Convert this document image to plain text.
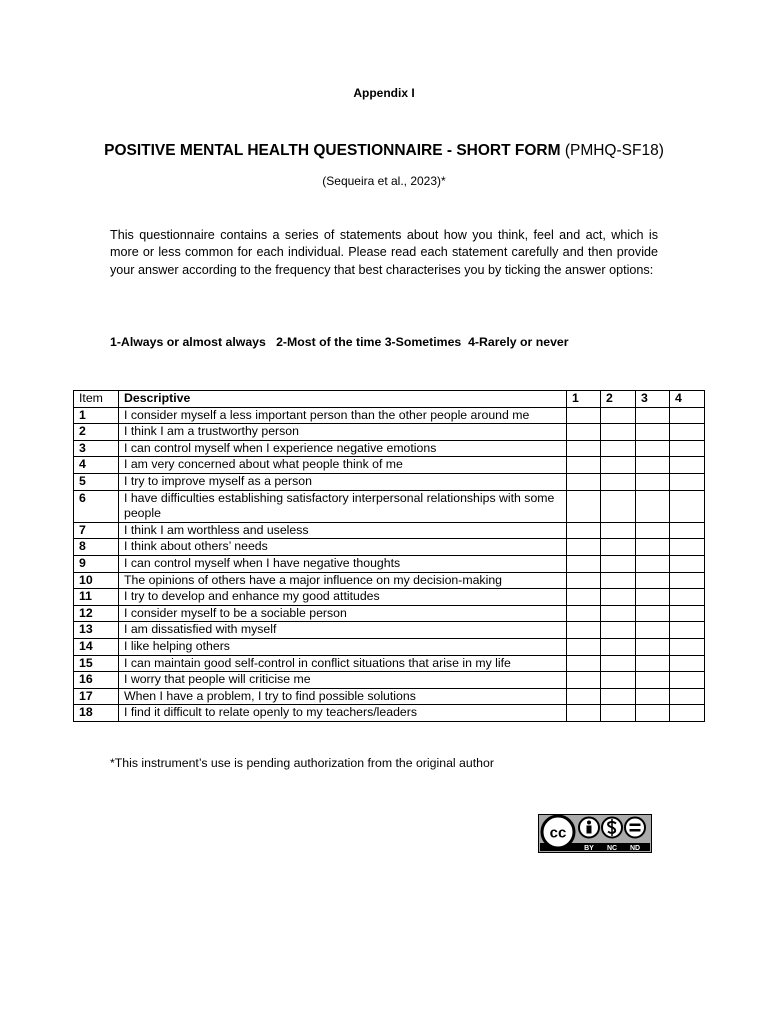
Appendix I
POSITIVE MENTAL HEALTH QUESTIONNAIRE - SHORT FORM (PMHQ-SF18)
(Sequeira et al., 2023)*

This questionnaire contains a series of statements about how you think, feel and act, which is more or less common for each individual. Please read each statement carefully and then provide your answer according to the frequency that best characterises you by ticking the answer options:

1-Always or almost always   2-Most of the time 3-Sometimes  4-Rarely or never
Item	Descriptive	1	2	3	4
1	I consider myself a less important person than the other people around me				
2	I think I am a trustworthy person				
3	I can control myself when I experience negative emotions				
4	I am very concerned about what people think of me				
5	I try to improve myself as a person				
6	I have difficulties establishing satisfactory interpersonal relationships with some people				
7	I think I am worthless and useless				
8	I think about others’ needs				
9	I can control myself when I have negative thoughts				
10	The opinions of others have a major influence on my decision-making				
11	I try to develop and enhance my good attitudes				
12	I consider myself to be a sociable person				
13	I am dissatisfied with myself				
14	I like helping others				
15	I can maintain good self-control in conflict situations that arise in my life				
16	I worry that people will criticise me				
17	When I have a problem, I try to find possible solutions				
18	I find it difficult to relate openly to my teachers/leaders				
*This instrument’s use is pending authorization from the original author
cc
BY NC ND
